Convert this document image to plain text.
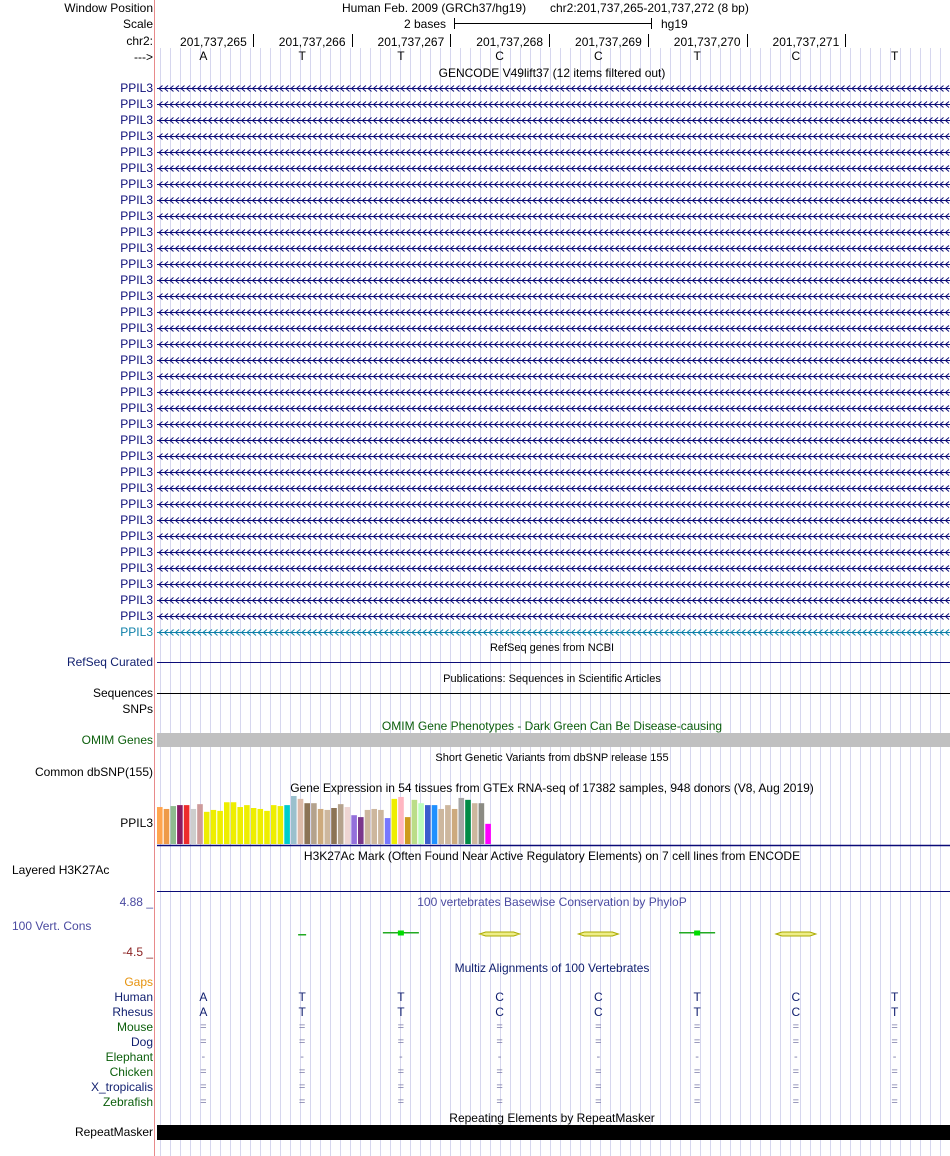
Window Position
Scale
chr2:
--->
Human Feb. 2009 (GRCh37/hg19) chr2:201,737,265-201,737,272 (8 bp)
2 bases	hg19
201,737,265	201,737,266	201,737,267	201,737,268	201,737,269	201,737,270	201,737,271
A	T	T	C	C	T	C	T
GENCODE V49lift37 (12 items filtered out)
PPIL3
PPIL3
PPIL3
PPIL3
PPIL3
PPIL3
PPIL3
PPIL3
PPIL3
PPIL3
PPIL3
PPIL3
PPIL3
PPIL3
PPIL3
PPIL3
PPIL3
PPIL3
PPIL3
PPIL3
PPIL3
PPIL3
PPIL3
PPIL3
PPIL3
PPIL3
PPIL3
PPIL3
PPIL3
PPIL3
PPIL3
PPIL3
PPIL3
PPIL3
PPIL3
RefSeq genes from NCBI
RefSeq Curated
Publications: Sequences in Scientific Articles
Sequences
SNPs
OMIM Gene Phenotypes - Dark Green Can Be Disease-causing
OMIM Genes
Short Genetic Variants from dbSNP release 155
Common dbSNP(155)
Gene Expression in 54 tissues from GTEx RNA-seq of 17382 samples, 948 donors (V8, Aug 2019)
PPIL3
H3K27Ac Mark (Often Found Near Active Regulatory Elements) on 7 cell lines from ENCODE
Layered H3K27Ac
100 vertebrates Basewise Conservation by PhyloP
4.88 _
100 Vert. Cons
-4.5 _
Multiz Alignments of 100 Vertebrates
Gaps
Human	A	T	T	C	C	T	C	T
Rhesus	A	T	T	C	C	T	C	T
Mouse	=	=	=	=	=	=	=	=
Dog	=	=	=	=	=	=	=	=
Elephant	-	-	-	-	-	-	-	-
Chicken	=	=	=	=	=	=	=	=
X_tropicalis	=	=	=	=	=	=	=	=
Zebrafish	=	=	=	=	=	=	=	=
Repeating Elements by RepeatMasker
RepeatMasker
